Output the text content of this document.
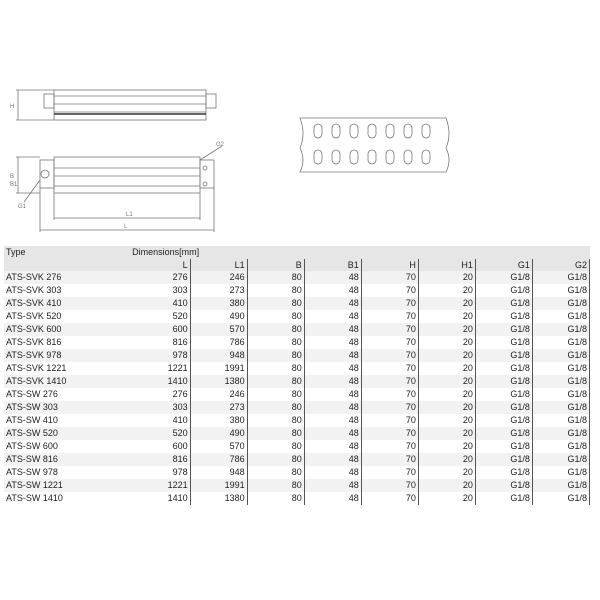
H
B
B1
G1
G2
L1
L
Type	Dimensions[mm]							
	L	L1	B	B1	H	H1	G1	G2
ATS-SVK 276	276	246	80	48	70	20	G1/8	G1/8
ATS-SVK 303	303	273	80	48	70	20	G1/8	G1/8
ATS-SVK 410	410	380	80	48	70	20	G1/8	G1/8
ATS-SVK 520	520	490	80	48	70	20	G1/8	G1/8
ATS-SVK 600	600	570	80	48	70	20	G1/8	G1/8
ATS-SVK 816	816	786	80	48	70	20	G1/8	G1/8
ATS-SVK 978	978	948	80	48	70	20	G1/8	G1/8
ATS-SVK 1221	1221	1991	80	48	70	20	G1/8	G1/8
ATS-SVK 1410	1410	1380	80	48	70	20	G1/8	G1/8
ATS-SW 276	276	246	80	48	70	20	G1/8	G1/8
ATS-SW 303	303	273	80	48	70	20	G1/8	G1/8
ATS-SW 410	410	380	80	48	70	20	G1/8	G1/8
ATS-SW 520	520	490	80	48	70	20	G1/8	G1/8
ATS-SW 600	600	570	80	48	70	20	G1/8	G1/8
ATS-SW 816	816	786	80	48	70	20	G1/8	G1/8
ATS-SW 978	978	948	80	48	70	20	G1/8	G1/8
ATS-SW 1221	1221	1991	80	48	70	20	G1/8	G1/8
ATS-SW 1410	1410	1380	80	48	70	20	G1/8	G1/8
